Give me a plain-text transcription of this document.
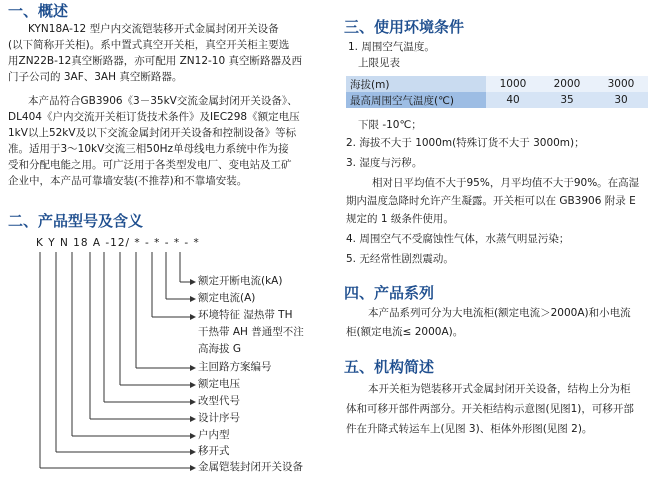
一、概述
KYN18A-12 型户内交流铠装移开式金属封闭开关设备
(以下简称开关柜)。系中置式真空开关柜，真空开关柜主要选
用ZN22B-12真空断路器，亦可配用 ZN12-10 真空断路器及西
门子公司的 3AF、3AH 真空断路器。
本产品符合GB3906《3－35kV交流金属封闭开关设备》、
DL404《户内交流开关柜订货技术条件》及IEC298《额定电压
1kV以上52kV及以下交流金属封闭开关设备和控制设备》等标
准。适用于3～10kV交流三相50Hz单母线电力系统中作为接
受和分配电能之用。可广泛用于各类型发电厂、变电站及工矿
企业中，本产品可靠墙安装(不推荐)和不靠墙安装。
二、产品型号及含义
K Y N 18 A -12/ * - * - * - *
额定开断电流(kA)
额定电流(A)
环境特征 湿热带 TH
干热带 AH 普通型不注
高海拔 G
主回路方案编号
额定电压
改型代号
设计序号
户内型
移开式
金属铠装封闭开关设备
三、使用环境条件
1. 周围空气温度。
上限见表
海拔(m)	1000	2000	3000
最高周围空气温度(℃)	40	35	30
下限 -10℃；
2. 海拔不大于 1000m(特殊订货不大于 3000m)；
3. 湿度与污秽。
相对日平均值不大于95%，月平均值不大于90%。在高湿
期内温度急降时允许产生凝露。开关柜可以在 GB3906 附录 E
规定的 1 级条件使用。
4. 周围空气不受腐蚀性气体，水蒸气明显污染；
5. 无经常性剧烈震动。
四、产品系列
本产品系列可分为大电流柜(额定电流＞2000A)和小电流
柜(额定电流≤ 2000A)。
五、机构简述
本开关柜为铠装移开式金属封闭开关设备，结构上分为柜
体和可移开部件两部分。开关柜结构示意图(见图1)，可移开部
件在升降式转运车上(见图 3)、柜体外形图(见图 2)。
